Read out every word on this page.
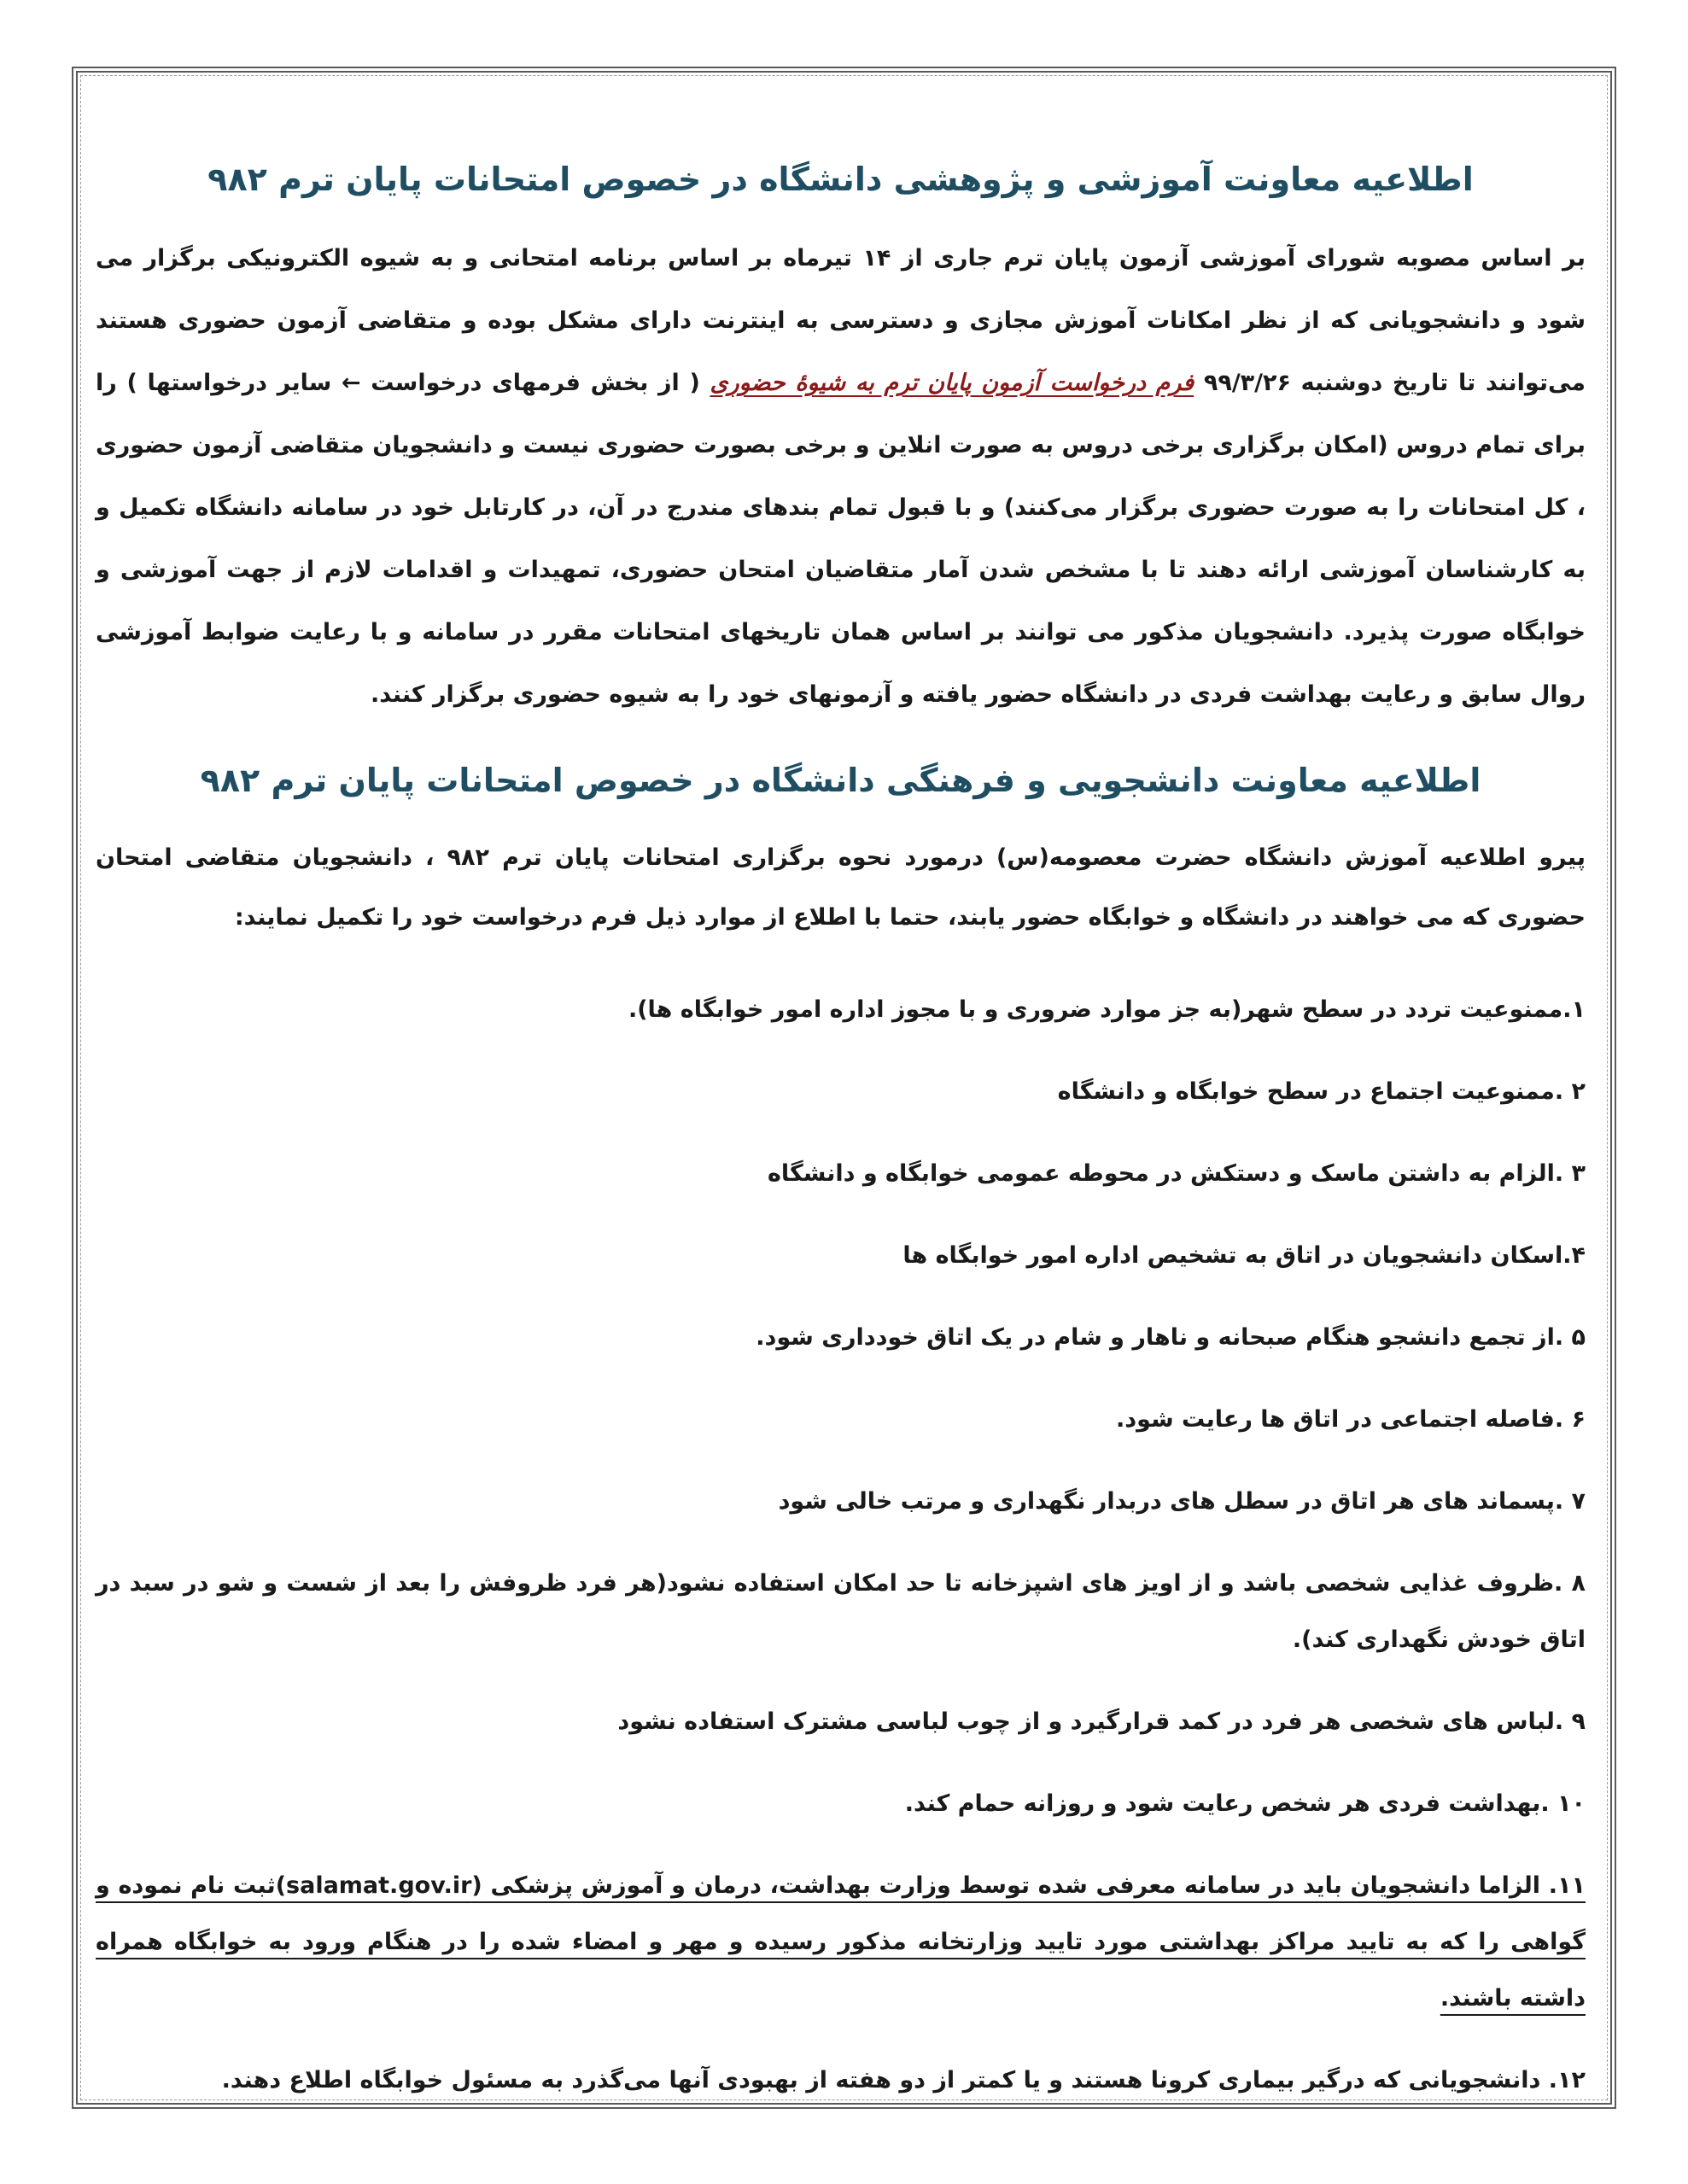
اطلاعیه معاونت آموزشی و پژوهشی دانشگاه در خصوص امتحانات پایان ترم ۹۸۲

بر اساس مصوبه شورای آموزشی آزمون پایان ترم جاری از ۱۴ تیرماه بر اساس برنامه امتحانی و به شیوه الکترونیکی برگزار می شود و دانشجویانی که از نظر امکانات آموزش مجازی و دسترسی به اینترنت دارای مشکل بوده و متقاضی آزمون حضوری هستند می‌توانند تا تاریخ دوشنبه ۹۹/۳/۲۶ فرم درخواست آزمون پایان ترم به شیوهٔ حضوری ( از بخش فرمهای درخواست ← سایر درخواستها ) را برای تمام دروس (امکان برگزاری برخی دروس به صورت انلاین و برخی بصورت حضوری نیست و دانشجویان متقاضی آزمون حضوری ، کل امتحانات را به صورت حضوری برگزار می‌کنند) و با قبول تمام بندهای مندرج در آن، در کارتابل خود در سامانه دانشگاه تکمیل و به کارشناسان آموزشی ارائه دهند تا با مشخص شدن آمار متقاضیان امتحان حضوری، تمهیدات و اقدامات لازم از جهت آموزشی و خوابگاه صورت پذیرد. دانشجویان مذکور می توانند بر اساس همان تاریخهای امتحانات مقرر در سامانه و با رعایت ضوابط آموزشی روال سابق و رعایت بهداشت فردی در دانشگاه حضور یافته و آزمونهای خود را به شیوه حضوری برگزار کنند.

اطلاعیه معاونت دانشجویی و فرهنگی دانشگاه در خصوص امتحانات پایان ترم ۹۸۲

پیرو اطلاعیه آموزش دانشگاه حضرت معصومه(س) درمورد نحوه برگزاری امتحانات پایان ترم ۹۸۲ ، دانشجویان متقاضی امتحان حضوری که می خواهند در دانشگاه و خوابگاه حضور یابند، حتما با اطلاع از موارد ذیل فرم درخواست خود را تکمیل نمایند:

۱.ممنوعیت تردد در سطح شهر(به جز موارد ضروری و با مجوز اداره امور خوابگاه ها).

۲ .ممنوعیت اجتماع در سطح خوابگاه و دانشگاه

۳ .الزام به داشتن ماسک و دستکش در محوطه عمومی خوابگاه و دانشگاه

۴.اسکان دانشجویان در اتاق به تشخیص اداره امور خوابگاه ها

۵ .از تجمع دانشجو هنگام صبحانه و ناهار و شام در یک اتاق خودداری شود.

۶ .فاصله اجتماعی در اتاق ها رعایت شود.

۷ .پسماند های هر اتاق در سطل های دربدار نگهداری و مرتب خالی شود

۸ .ظروف غذایی شخصی باشد و از اویز های اشپزخانه تا حد امکان استفاده نشود(هر فرد ظروفش را بعد از شست و شو در سبد در اتاق خودش نگهداری کند).

۹ .لباس های شخصی هر فرد در کمد قرارگیرد و از چوب لباسی مشترک استفاده نشود

۱۰ .بهداشت فردی هر شخص رعایت شود و روزانه حمام کند.

۱۱. الزاما دانشجویان باید در سامانه معرفی شده توسط وزارت بهداشت، درمان و آموزش پزشکی (salamat.gov.ir)ثبت نام نموده و گواهی را که به تایید مراکز بهداشتی مورد تایید وزارتخانه مذکور رسیده و مهر و امضاء شده را در هنگام ورود به خوابگاه همراه داشته باشند.

۱۲. دانشجویانی که درگیر بیماری کرونا هستند و یا کمتر از دو هفته از بهبودی آنها می‌گذرد به مسئول خوابگاه اطلاع دهند.
